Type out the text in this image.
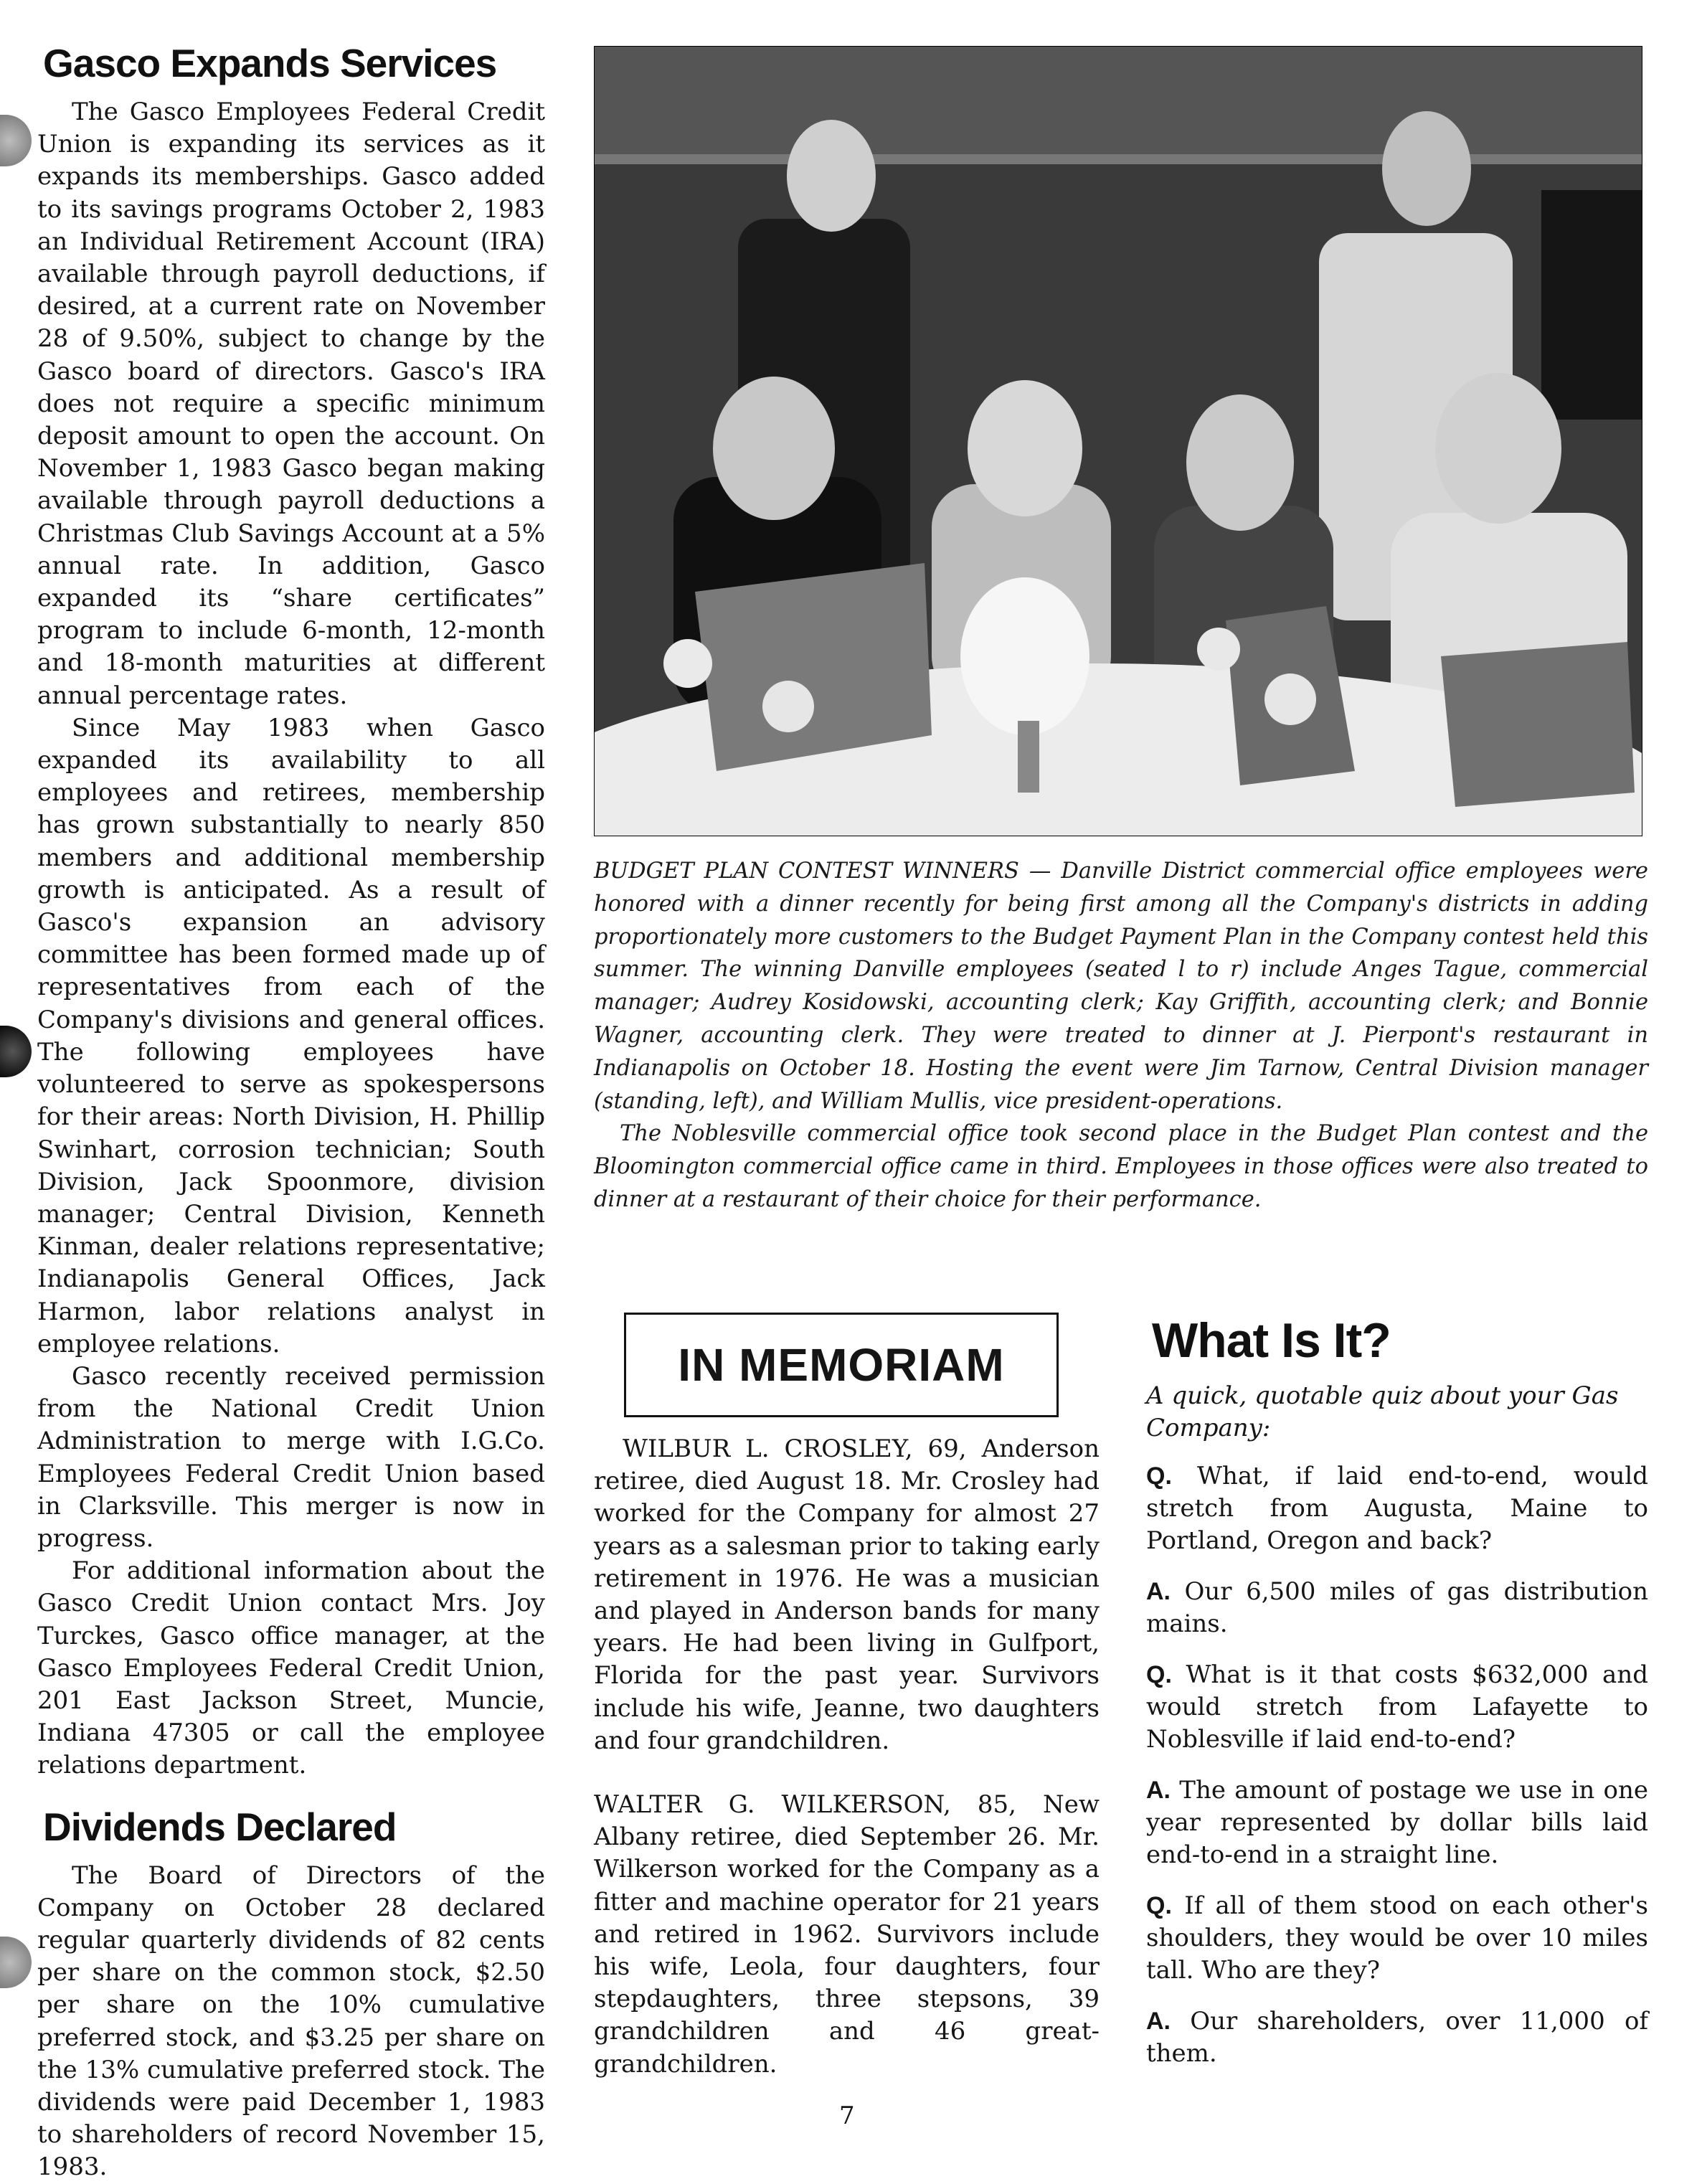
Gasco Expands Services

The Gasco Employees Federal Credit Union is expanding its services as it expands its memberships. Gasco added to its savings programs October 2, 1983 an Individual Retirement Account (IRA) available through payroll deductions, if desired, at a current rate on November 28 of 9.50%, subject to change by the Gasco board of directors. Gasco's IRA does not require a specific minimum deposit amount to open the account. On November 1, 1983 Gasco began making available through payroll deductions a Christmas Club Savings Account at a 5% annual rate. In addition, Gasco expanded its “share certificates” program to include 6-month, 12-month and 18-month maturities at different annual percentage rates.

Since May 1983 when Gasco expanded its availability to all employees and retirees, membership has grown substantially to nearly 850 members and additional membership growth is anticipated. As a result of Gasco's expansion an advisory committee has been formed made up of representatives from each of the Company's divisions and general offices. The following employees have volunteered to serve as spokespersons for their areas: North Division, H. Phillip Swinhart, corrosion technician; South Division, Jack Spoonmore, division manager; Central Division, Kenneth Kinman, dealer relations representative; Indianapolis General Offices, Jack Harmon, labor relations analyst in employee relations.

Gasco recently received permission from the National Credit Union Administration to merge with I.G.Co. Employees Federal Credit Union based in Clarksville. This merger is now in progress.

For additional information about the Gasco Credit Union contact Mrs. Joy Turckes, Gasco office manager, at the Gasco Employees Federal Credit Union, 201 East Jackson Street, Muncie, Indiana 47305 or call the employee relations department.

Dividends Declared

The Board of Directors of the Company on October 28 declared regular quarterly dividends of 82 cents per share on the common stock, $2.50 per share on the 10% cumulative preferred stock, and $3.25 per share on the 13% cumulative preferred stock. The dividends were paid December 1, 1983 to shareholders of record November 15, 1983.

BUDGET PLAN CONTEST WINNERS — Danville District commercial office employees were honored with a dinner recently for being first among all the Company's districts in adding proportionately more customers to the Budget Payment Plan in the Company contest held this summer. The winning Danville employees (seated l to r) include Anges Tague, commercial manager; Audrey Kosidowski, accounting clerk; Kay Griffith, accounting clerk; and Bonnie Wagner, accounting clerk. They were treated to dinner at J. Pierpont's restaurant in Indianapolis on October 18. Hosting the event were Jim Tarnow, Central Division manager (standing, left), and William Mullis, vice president-operations.

The Noblesville commercial office took second place in the Budget Plan contest and the Bloomington commercial office came in third. Employees in those offices were also treated to dinner at a restaurant of their choice for their performance.

IN MEMORIAM

WILBUR L. CROSLEY, 69, Anderson retiree, died August 18. Mr. Crosley had worked for the Company for almost 27 years as a salesman prior to taking early retirement in 1976. He was a musician and played in Anderson bands for many years. He had been living in Gulfport, Florida for the past year. Survivors include his wife, Jeanne, two daughters and four grandchildren.

WALTER G. WILKERSON, 85, New Albany retiree, died September 26. Mr. Wilkerson worked for the Company as a fitter and machine operator for 21 years and retired in 1962. Survivors include his wife, Leola, four daughters, four stepdaughters, three stepsons, 39 grandchildren and 46 great-grandchildren.

What Is It?

A quick, quotable quiz about your Gas Company:

Q. What, if laid end-to-end, would stretch from Augusta, Maine to Portland, Oregon and back?

A. Our 6,500 miles of gas distribution mains.

Q. What is it that costs $632,000 and would stretch from Lafayette to Noblesville if laid end-to-end?

A. The amount of postage we use in one year represented by dollar bills laid end-to-end in a straight line.

Q. If all of them stood on each other's shoulders, they would be over 10 miles tall. Who are they?

A. Our shareholders, over 11,000 of them.

7
